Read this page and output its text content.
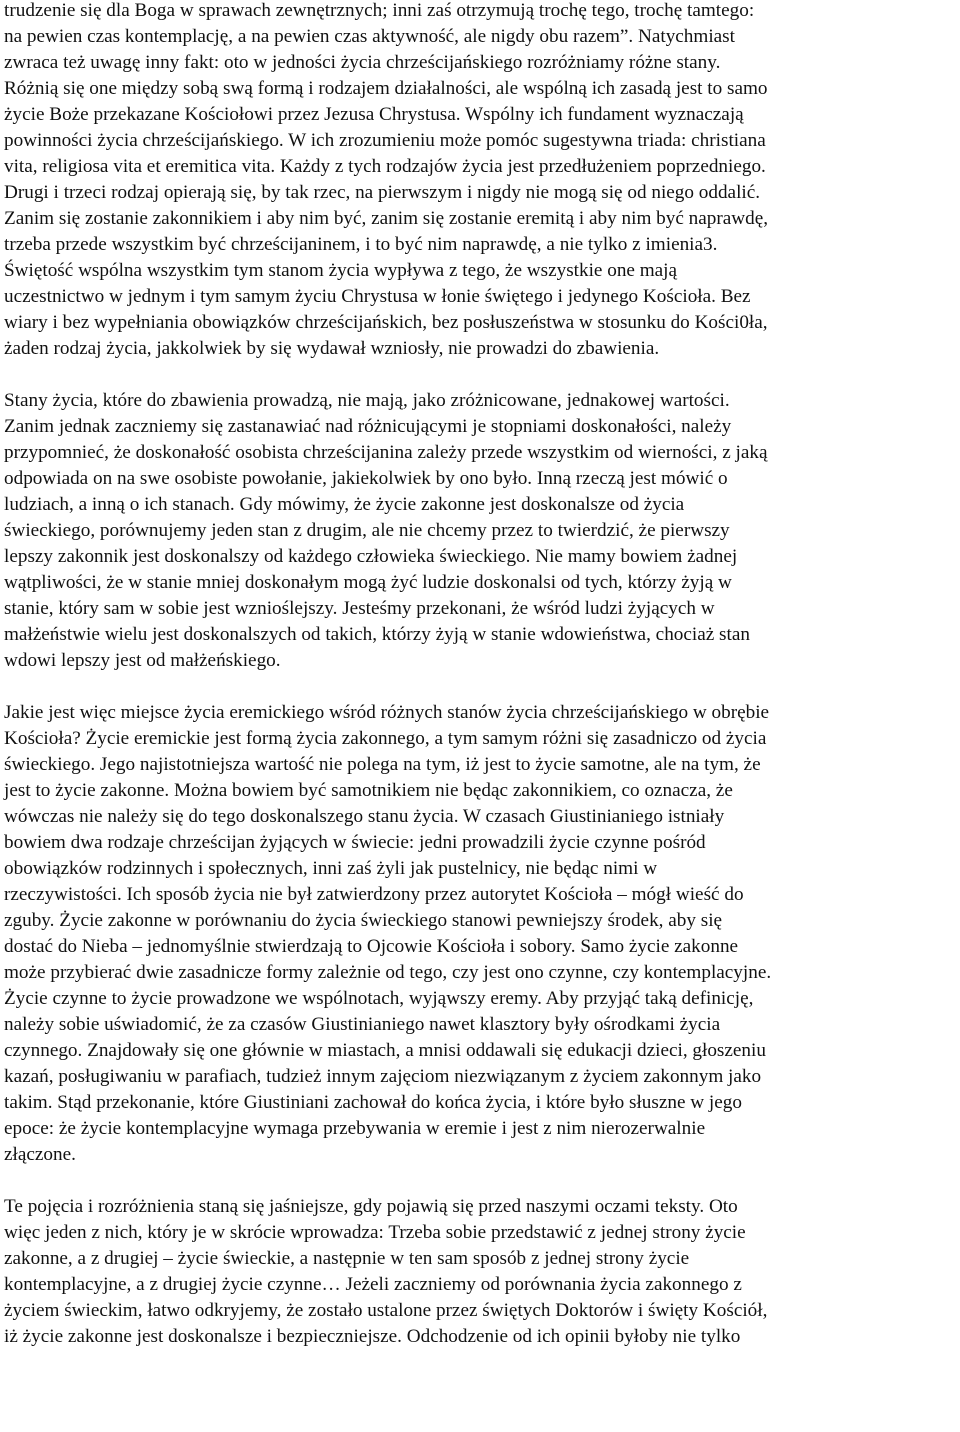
trudzenie się dla Boga w sprawach zewnętrznych; inni zaś otrzymują trochę tego, trochę tamtego:
na pewien czas kontemplację, a na pewien czas aktywność, ale nigdy obu razem”. Natychmiast
zwraca też uwagę inny fakt: oto w jedności życia chrześcijańskiego rozróżniamy różne stany.
Różnią się one między sobą swą formą i rodzajem działalności, ale wspólną ich zasadą jest to samo
życie Boże przekazane Kościołowi przez Jezusa Chrystusa. Wspólny ich fundament wyznaczają
powinności życia chrześcijańskiego. W ich zrozumieniu może pomóc sugestywna triada: christiana
vita, religiosa vita et eremitica vita. Każdy z tych rodzajów życia jest przedłużeniem poprzedniego.
Drugi i trzeci rodzaj opierają się, by tak rzec, na pierwszym i nigdy nie mogą się od niego oddalić.
Zanim się zostanie zakonnikiem i aby nim być, zanim się zostanie eremitą i aby nim być naprawdę,
trzeba przede wszystkim być chrześcijaninem, i to być nim naprawdę, a nie tylko z imienia3.
Świętość wspólna wszystkim tym stanom życia wypływa z tego, że wszystkie one mają
uczestnictwo w jednym i tym samym życiu Chrystusa w łonie świętego i jedynego Kościoła. Bez
wiary i bez wypełniania obowiązków chrześcijańskich, bez posłuszeństwa w stosunku do Kości0ła,
żaden rodzaj życia, jakkolwiek by się wydawał wzniosły, nie prowadzi do zbawienia.
Stany życia, które do zbawienia prowadzą, nie mają, jako zróżnicowane, jednakowej wartości.
Zanim jednak zaczniemy się zastanawiać nad różnicującymi je stopniami doskonałości, należy
przypomnieć, że doskonałość osobista chrześcijanina zależy przede wszystkim od wierności, z jaką
odpowiada on na swe osobiste powołanie, jakiekolwiek by ono było. Inną rzeczą jest mówić o
ludziach, a inną o ich stanach. Gdy mówimy, że życie zakonne jest doskonalsze od życia
świeckiego, porównujemy jeden stan z drugim, ale nie chcemy przez to twierdzić, że pierwszy
lepszy zakonnik jest doskonalszy od każdego człowieka świeckiego. Nie mamy bowiem żadnej
wątpliwości, że w stanie mniej doskonałym mogą żyć ludzie doskonalsi od tych, którzy żyją w
stanie, który sam w sobie jest wznioślejszy. Jesteśmy przekonani, że wśród ludzi żyjących w
małżeństwie wielu jest doskonalszych od takich, którzy żyją w stanie wdowieństwa, chociaż stan
wdowi lepszy jest od małżeńskiego.
Jakie jest więc miejsce życia eremickiego wśród różnych stanów życia chrześcijańskiego w obrębie
Kościoła? Życie eremickie jest formą życia zakonnego, a tym samym różni się zasadniczo od życia
świeckiego. Jego najistotniejsza wartość nie polega na tym, iż jest to życie samotne, ale na tym, że
jest to życie zakonne. Można bowiem być samotnikiem nie będąc zakonnikiem, co oznacza, że
wówczas nie należy się do tego doskonalszego stanu życia. W czasach Giustinianiego istniały
bowiem dwa rodzaje chrześcijan żyjących w świecie: jedni prowadzili życie czynne pośród
obowiązków rodzinnych i społecznych, inni zaś żyli jak pustelnicy, nie będąc nimi w
rzeczywistości. Ich sposób życia nie był zatwierdzony przez autorytet Kościoła – mógł wieść do
zguby. Życie zakonne w porównaniu do życia świeckiego stanowi pewniejszy środek, aby się
dostać do Nieba – jednomyślnie stwierdzają to Ojcowie Kościoła i sobory. Samo życie zakonne
może przybierać dwie zasadnicze formy zależnie od tego, czy jest ono czynne, czy kontemplacyjne.
Życie czynne to życie prowadzone we wspólnotach, wyjąwszy eremy. Aby przyjąć taką definicję,
należy sobie uświadomić, że za czasów Giustinianiego nawet klasztory były ośrodkami życia
czynnego. Znajdowały się one głównie w miastach, a mnisi oddawali się edukacji dzieci, głoszeniu
kazań, posługiwaniu w parafiach, tudzież innym zajęciom niezwiązanym z życiem zakonnym jako
takim. Stąd przekonanie, które Giustiniani zachował do końca życia, i które było słuszne w jego
epoce: że życie kontemplacyjne wymaga przebywania w eremie i jest z nim nierozerwalnie
złączone.
Te pojęcia i rozróżnienia staną się jaśniejsze, gdy pojawią się przed naszymi oczami teksty. Oto
więc jeden z nich, który je w skrócie wprowadza: Trzeba sobie przedstawić z jednej strony życie
zakonne, a z drugiej – życie świeckie, a następnie w ten sam sposób z jednej strony życie
kontemplacyjne, a z drugiej życie czynne… Jeżeli zaczniemy od porównania życia zakonnego z
życiem świeckim, łatwo odkryjemy, że zostało ustalone przez świętych Doktorów i święty Kościół,
iż życie zakonne jest doskonalsze i bezpieczniejsze. Odchodzenie od ich opinii byłoby nie tylko
